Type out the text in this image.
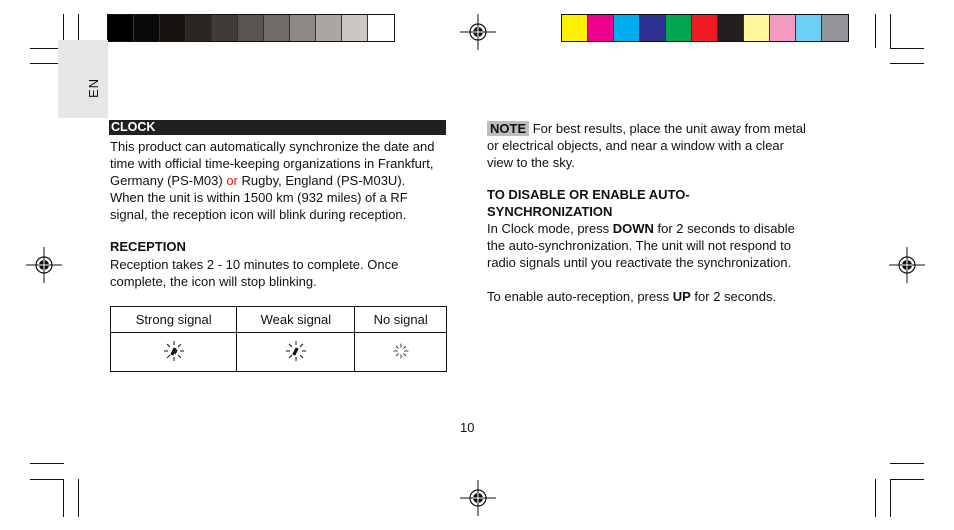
EN
CLOCK
This product can automatically synchronize the date and
time with official time-keeping organizations in Frankfurt,
Germany (PS-M03) or Rugby, England (PS-M03U).
When the unit is within 1500 km (932 miles) of a RF
signal, the reception icon will blink during reception.
RECEPTION
Reception takes 2 - 10 minutes to complete. Once
complete, the icon will stop blinking.
Strong signal	Weak signal	No signal

NOTE For best results, place the unit away from metal
or electrical objects, and near a window with a clear
view to the sky.
TO DISABLE OR ENABLE AUTO-
SYNCHRONIZATION
In Clock mode, press DOWN for 2 seconds to disable
the auto-synchronization. The unit will not respond to
radio signals until you reactivate the synchronization.
To enable auto-reception, press UP for 2 seconds.
10
